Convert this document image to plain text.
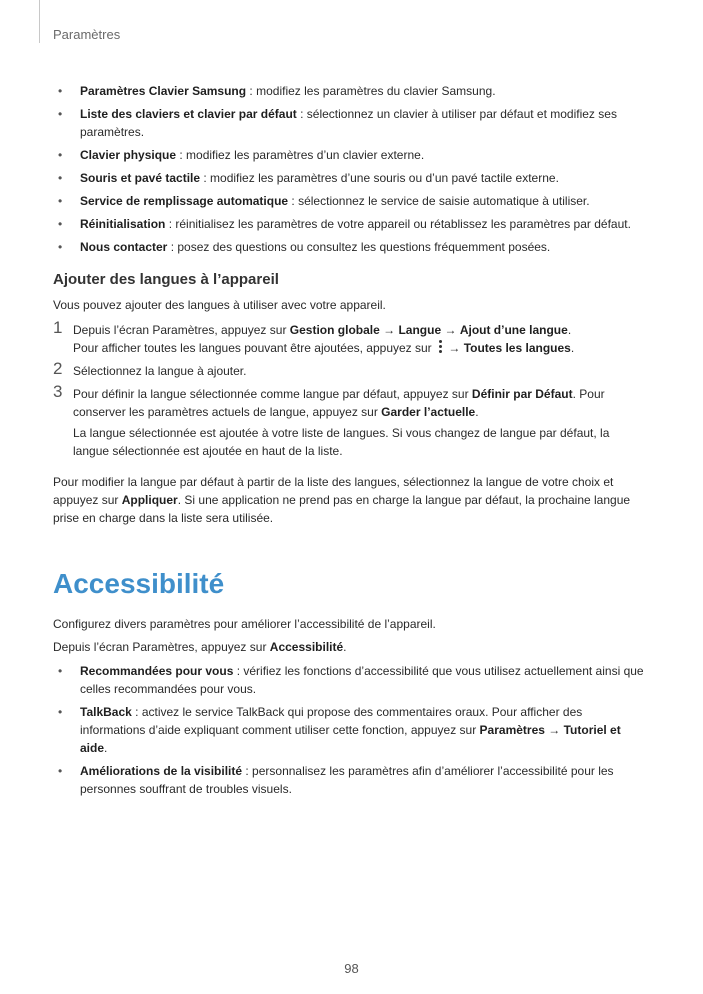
Paramètres
• Paramètres Clavier Samsung : modifiez les paramètres du clavier Samsung.
• Liste des claviers et clavier par défaut : sélectionnez un clavier à utiliser par défaut et modifiez ses paramètres.
• Clavier physique : modifiez les paramètres d’un clavier externe.
• Souris et pavé tactile : modifiez les paramètres d’une souris ou d’un pavé tactile externe.
• Service de remplissage automatique : sélectionnez le service de saisie automatique à utiliser.
• Réinitialisation : réinitialisez les paramètres de votre appareil ou rétablissez les paramètres par défaut.
• Nous contacter : posez des questions ou consultez les questions fréquemment posées.
Ajouter des langues à l’appareil

Vous pouvez ajouter des langues à utiliser avec votre appareil.

1 Depuis l’écran Paramètres, appuyez sur Gestion globale → Langue → Ajout d’une langue.
Pour afficher toutes les langues pouvant être ajoutées, appuyez sur
→ Toutes les langues.
2 Sélectionnez la langue à ajouter.
3 Pour définir la langue sélectionnée comme langue par défaut, appuyez sur Définir par Défaut. Pour conserver les paramètres actuels de langue, appuyez sur Garder l’actuelle.
La langue sélectionnée est ajoutée à votre liste de langues. Si vous changez de langue par défaut, la langue sélectionnée est ajoutée en haut de la liste.

Pour modifier la langue par défaut à partir de la liste des langues, sélectionnez la langue de votre choix et appuyez sur Appliquer. Si une application ne prend pas en charge la langue par défaut, la prochaine langue prise en charge dans la liste sera utilisée.

Accessibilité

Configurez divers paramètres pour améliorer l’accessibilité de l’appareil.

Depuis l’écran Paramètres, appuyez sur Accessibilité.

• Recommandées pour vous : vérifiez les fonctions d’accessibilité que vous utilisez actuellement ainsi que celles recommandées pour vous.
• TalkBack : activez le service TalkBack qui propose des commentaires oraux. Pour afficher des informations d’aide expliquant comment utiliser cette fonction, appuyez sur Paramètres → Tutoriel et aide.
• Améliorations de la visibilité : personnalisez les paramètres afin d’améliorer l’accessibilité pour les personnes souffrant de troubles visuels.
98
